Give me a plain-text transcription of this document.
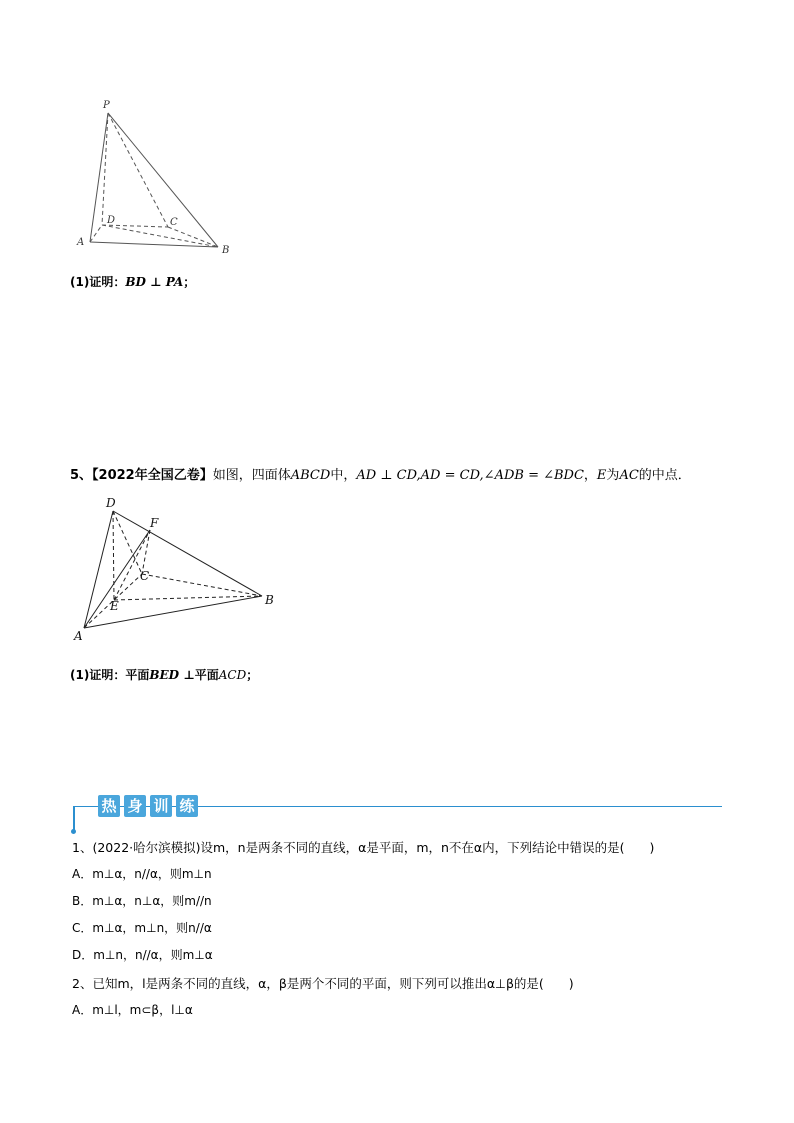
P
A
B
C
D
(1)证明：BD ⊥ PA；
5、【2022年全国乙卷】如图，四面体ABCD中，AD ⊥ CD,AD = CD,∠ADB = ∠BDC，E为AC的中点．
D
F
C
E	B
A
(1)证明：平面BED ⊥平面ACD；
热 身 训 练
1、(2022·哈尔滨模拟)设m，n是两条不同的直线，α是平面，m，n不在α内，下列结论中错误的是(　　)
A．m⊥α，n//α，则m⊥n
B．m⊥α，n⊥α，则m//n
C．m⊥α，m⊥n，则n//α
D．m⊥n，n//α，则m⊥α
2、已知m，l是两条不同的直线，α，β是两个不同的平面，则下列可以推出α⊥β的是(　　)
A．m⊥l，m⊂β，l⊥α
